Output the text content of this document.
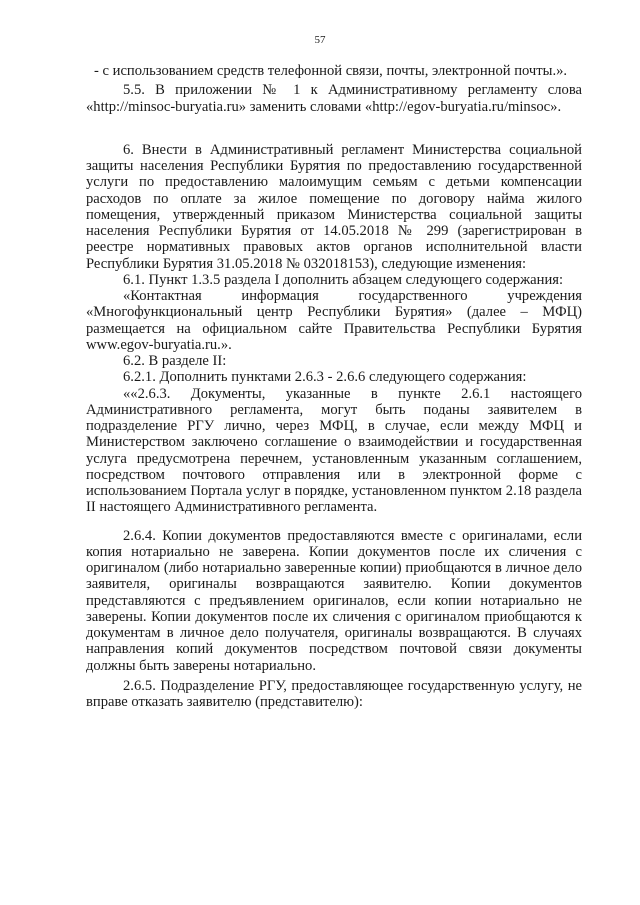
57

- с использованием средств телефонной связи, почты, электронной почты.».

5.5. В приложении № 1 к Административному регламенту слова «http://minsoc-buryatia.ru» заменить словами «http://egov-buryatia.ru/minsoc».

6. Внести в Административный регламент Министерства социальной защиты населения Республики Бурятия по предоставлению государственной услуги по предоставлению малоимущим семьям с детьми компенсации расходов по оплате за жилое помещение по договору найма жилого помещения, утвержденный приказом Министерства социальной защиты населения Республики Бурятия от 14.05.2018 № 299 (зарегистрирован в реестре нормативных правовых актов органов исполнительной власти Республики Бурятия 31.05.2018 № 032018153), следующие изменения:

6.1. Пункт 1.3.5 раздела I дополнить абзацем следующего содержания:

«Контактная информация государственного учреждения «Многофункциональный центр Республики Бурятия» (далее – МФЦ) размещается на официальном сайте Правительства Республики Бурятия www.egov-buryatia.ru.».

6.2. В разделе II:

6.2.1. Дополнить пунктами 2.6.3 - 2.6.6 следующего содержания:

««2.6.3. Документы, указанные в пункте 2.6.1 настоящего Административного регламента, могут быть поданы заявителем в подразделение РГУ лично, через МФЦ, в случае, если между МФЦ и Министерством заключено соглашение о взаимодействии и государственная услуга предусмотрена перечнем, установленным указанным соглашением, посредством почтового отправления или в электронной форме с использованием Портала услуг в порядке, установленном пунктом 2.18 раздела II настоящего Административного регламента.

2.6.4. Копии документов предоставляются вместе с оригиналами, если копия нотариально не заверена. Копии документов после их сличения с оригиналом (либо нотариально заверенные копии) приобщаются в личное дело заявителя, оригиналы возвращаются заявителю. Копии документов представляются с предъявлением оригиналов, если копии нотариально не заверены. Копии документов после их сличения с оригиналом приобщаются к документам в личное дело получателя, оригиналы возвращаются. В случаях направления копий документов посредством почтовой связи документы должны быть заверены нотариально.

2.6.5. Подразделение РГУ, предоставляющее государственную услугу, не вправе отказать заявителю (представителю):
